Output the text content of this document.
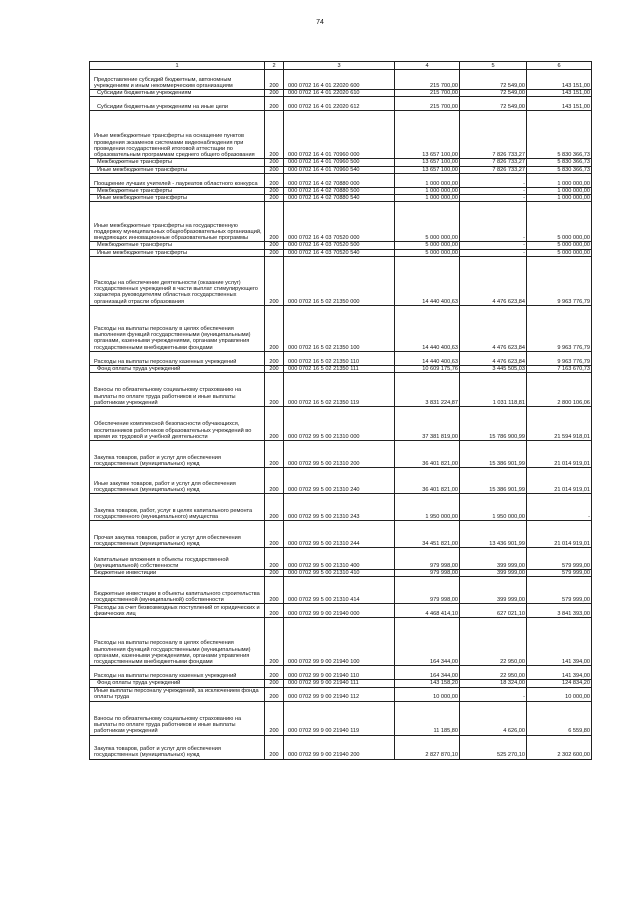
74
1	2	3	4	5	6
Предоставление субсидий бюджетным, автономным учреждениям и иным некоммерческим организациям	200	000 0702 16 4 01 22020 600	215 700,00	72 549,00	143 151,00
Субсидии бюджетным учреждениям	200	000 0702 16 4 01 22020 610	215 700,00	72 549,00	143 151,00
Субсидии бюджетным учреждениям на иные цели	200	000 0702 16 4 01 22020 612	215 700,00	72 549,00	143 151,00
Иные межбюджетные трансферты на оснащение пунктов проведения экзаменов системами видеонаблюдения при проведении государственной итоговой аттестации по образовательным программам среднего общего образования	200	000 0702 16 4 01 70960 000	13 657 100,00	7 826 733,27	5 830 366,73
Межбюджетные трансферты	200	000 0702 16 4 01 70960 500	13 657 100,00	7 826 733,27	5 830 366,73
Иные межбюджетные трансферты	200	000 0702 16 4 01 70960 540	13 657 100,00	7 826 733,27	5 830 366,73
Поощрение лучших учителей - лауреатов областного конкурса	200	000 0702 16 4 02 70880 000	1 000 000,00	-	1 000 000,00
Межбюджетные трансферты	200	000 0702 16 4 02 70880 500	1 000 000,00	-	1 000 000,00
Иные межбюджетные трансферты	200	000 0702 16 4 02 70880 540	1 000 000,00	-	1 000 000,00
Иные межбюджетные трансферты на государственную поддержку муниципальных общеобразовательных организаций, внедряющих инновационные образовательные программы	200	000 0702 16 4 03 70520 000	5 000 000,00	-	5 000 000,00
Межбюджетные трансферты	200	000 0702 16 4 03 70520 500	5 000 000,00	-	5 000 000,00
Иные межбюджетные трансферты	200	000 0702 16 4 03 70520 540	5 000 000,00	-	5 000 000,00
Расходы на обеспечение деятельности (оказание услуг) государственных учреждений в части выплат стимулирующего характера руководителям областных государственных организаций отрасли образования	200	000 0702 16 5 02 21350 000	14 440 400,63	4 476 623,84	9 963 776,79
Расходы на выплаты персоналу в целях обеспечения выполнения функций государственными (муниципальными) органами, казенными учреждениями, органами управления государственными внебюджетными фондами	200	000 0702 16 5 02 21350 100	14 440 400,63	4 476 623,84	9 963 776,79
Расходы на выплаты персоналу казенных учреждений	200	000 0702 16 5 02 21350 110	14 440 400,63	4 476 623,84	9 963 776,79
Фонд оплаты труда учреждений	200	000 0702 16 5 02 21350 111	10 609 175,76	3 445 505,03	7 163 670,73
Взносы по обязательному социальному страхованию на выплаты по оплате труда работников и иные выплаты работникам учреждений	200	000 0702 16 5 02 21350 119	3 831 224,87	1 031 118,81	2 800 106,06
Обеспечение комплексной безопасности обучающихся, воспитанников работников образовательных учреждений во время их трудовой и учебной деятельности	200	000 0702 99 5 00 21310 000	37 381 819,00	15 786 900,99	21 594 918,01
Закупка товаров, работ и услуг для обеспечения государственных (муниципальных) нужд	200	000 0702 99 5 00 21310 200	36 401 821,00	15 386 901,99	21 014 919,01
Иные закупки товаров, работ и услуг для обеспечения государственных (муниципальных) нужд	200	000 0702 99 5 00 21310 240	36 401 821,00	15 386 901,99	21 014 919,01
Закупка товаров, работ, услуг в целях капитального ремонта государственного (муниципального) имущества	200	000 0702 99 5 00 21310 243	1 950 000,00	1 950 000,00	-
Прочая закупка товаров, работ и услуг для обеспечения государственных (муниципальных) нужд	200	000 0702 99 5 00 21310 244	34 451 821,00	13 436 901,99	21 014 919,01
Капитальные вложения в объекты государственной (муниципальной) собственности	200	000 0702 99 5 00 21310 400	979 998,00	399 999,00	579 999,00
Бюджетные инвестиции	200	000 0702 99 5 00 21310 410	979 998,00	399 999,00	579 999,00
Бюджетные инвестиции в объекты капитального строительства государственной (муниципальной) собственности	200	000 0702 99 5 00 21310 414	979 998,00	399 999,00	579 999,00
Расходы за счет безвозмездных поступлений от юридических и физических лиц	200	000 0702 99 9 00 21940 000	4 468 414,10	627 021,10	3 841 393,00
Расходы на выплаты персоналу в целях обеспечения выполнения функций государственными (муниципальными) органами, казенными учреждениями, органами управления государственными внебюджетными фондами	200	000 0702 99 9 00 21940 100	164 344,00	22 950,00	141 394,00
Расходы на выплаты персоналу казенных учреждений	200	000 0702 99 9 00 21940 110	164 344,00	22 950,00	141 394,00
Фонд оплаты труда учреждений	200	000 0702 99 9 00 21940 111	143 158,20	18 324,00	124 834,20
Иные выплаты персоналу учреждений, за исключением фонда оплаты труда	200	000 0702 99 9 00 21940 112	10 000,00	-	10 000,00
Взносы по обязательному социальному страхованию на выплаты по оплате труда работников и иные выплаты работникам учреждений	200	000 0702 99 9 00 21940 119	11 185,80	4 626,00	6 559,80
Закупка товаров, работ и услуг для обеспечения государственных (муниципальных) нужд	200	000 0702 99 9 00 21940 200	2 827 870,10	525 270,10	2 302 600,00
